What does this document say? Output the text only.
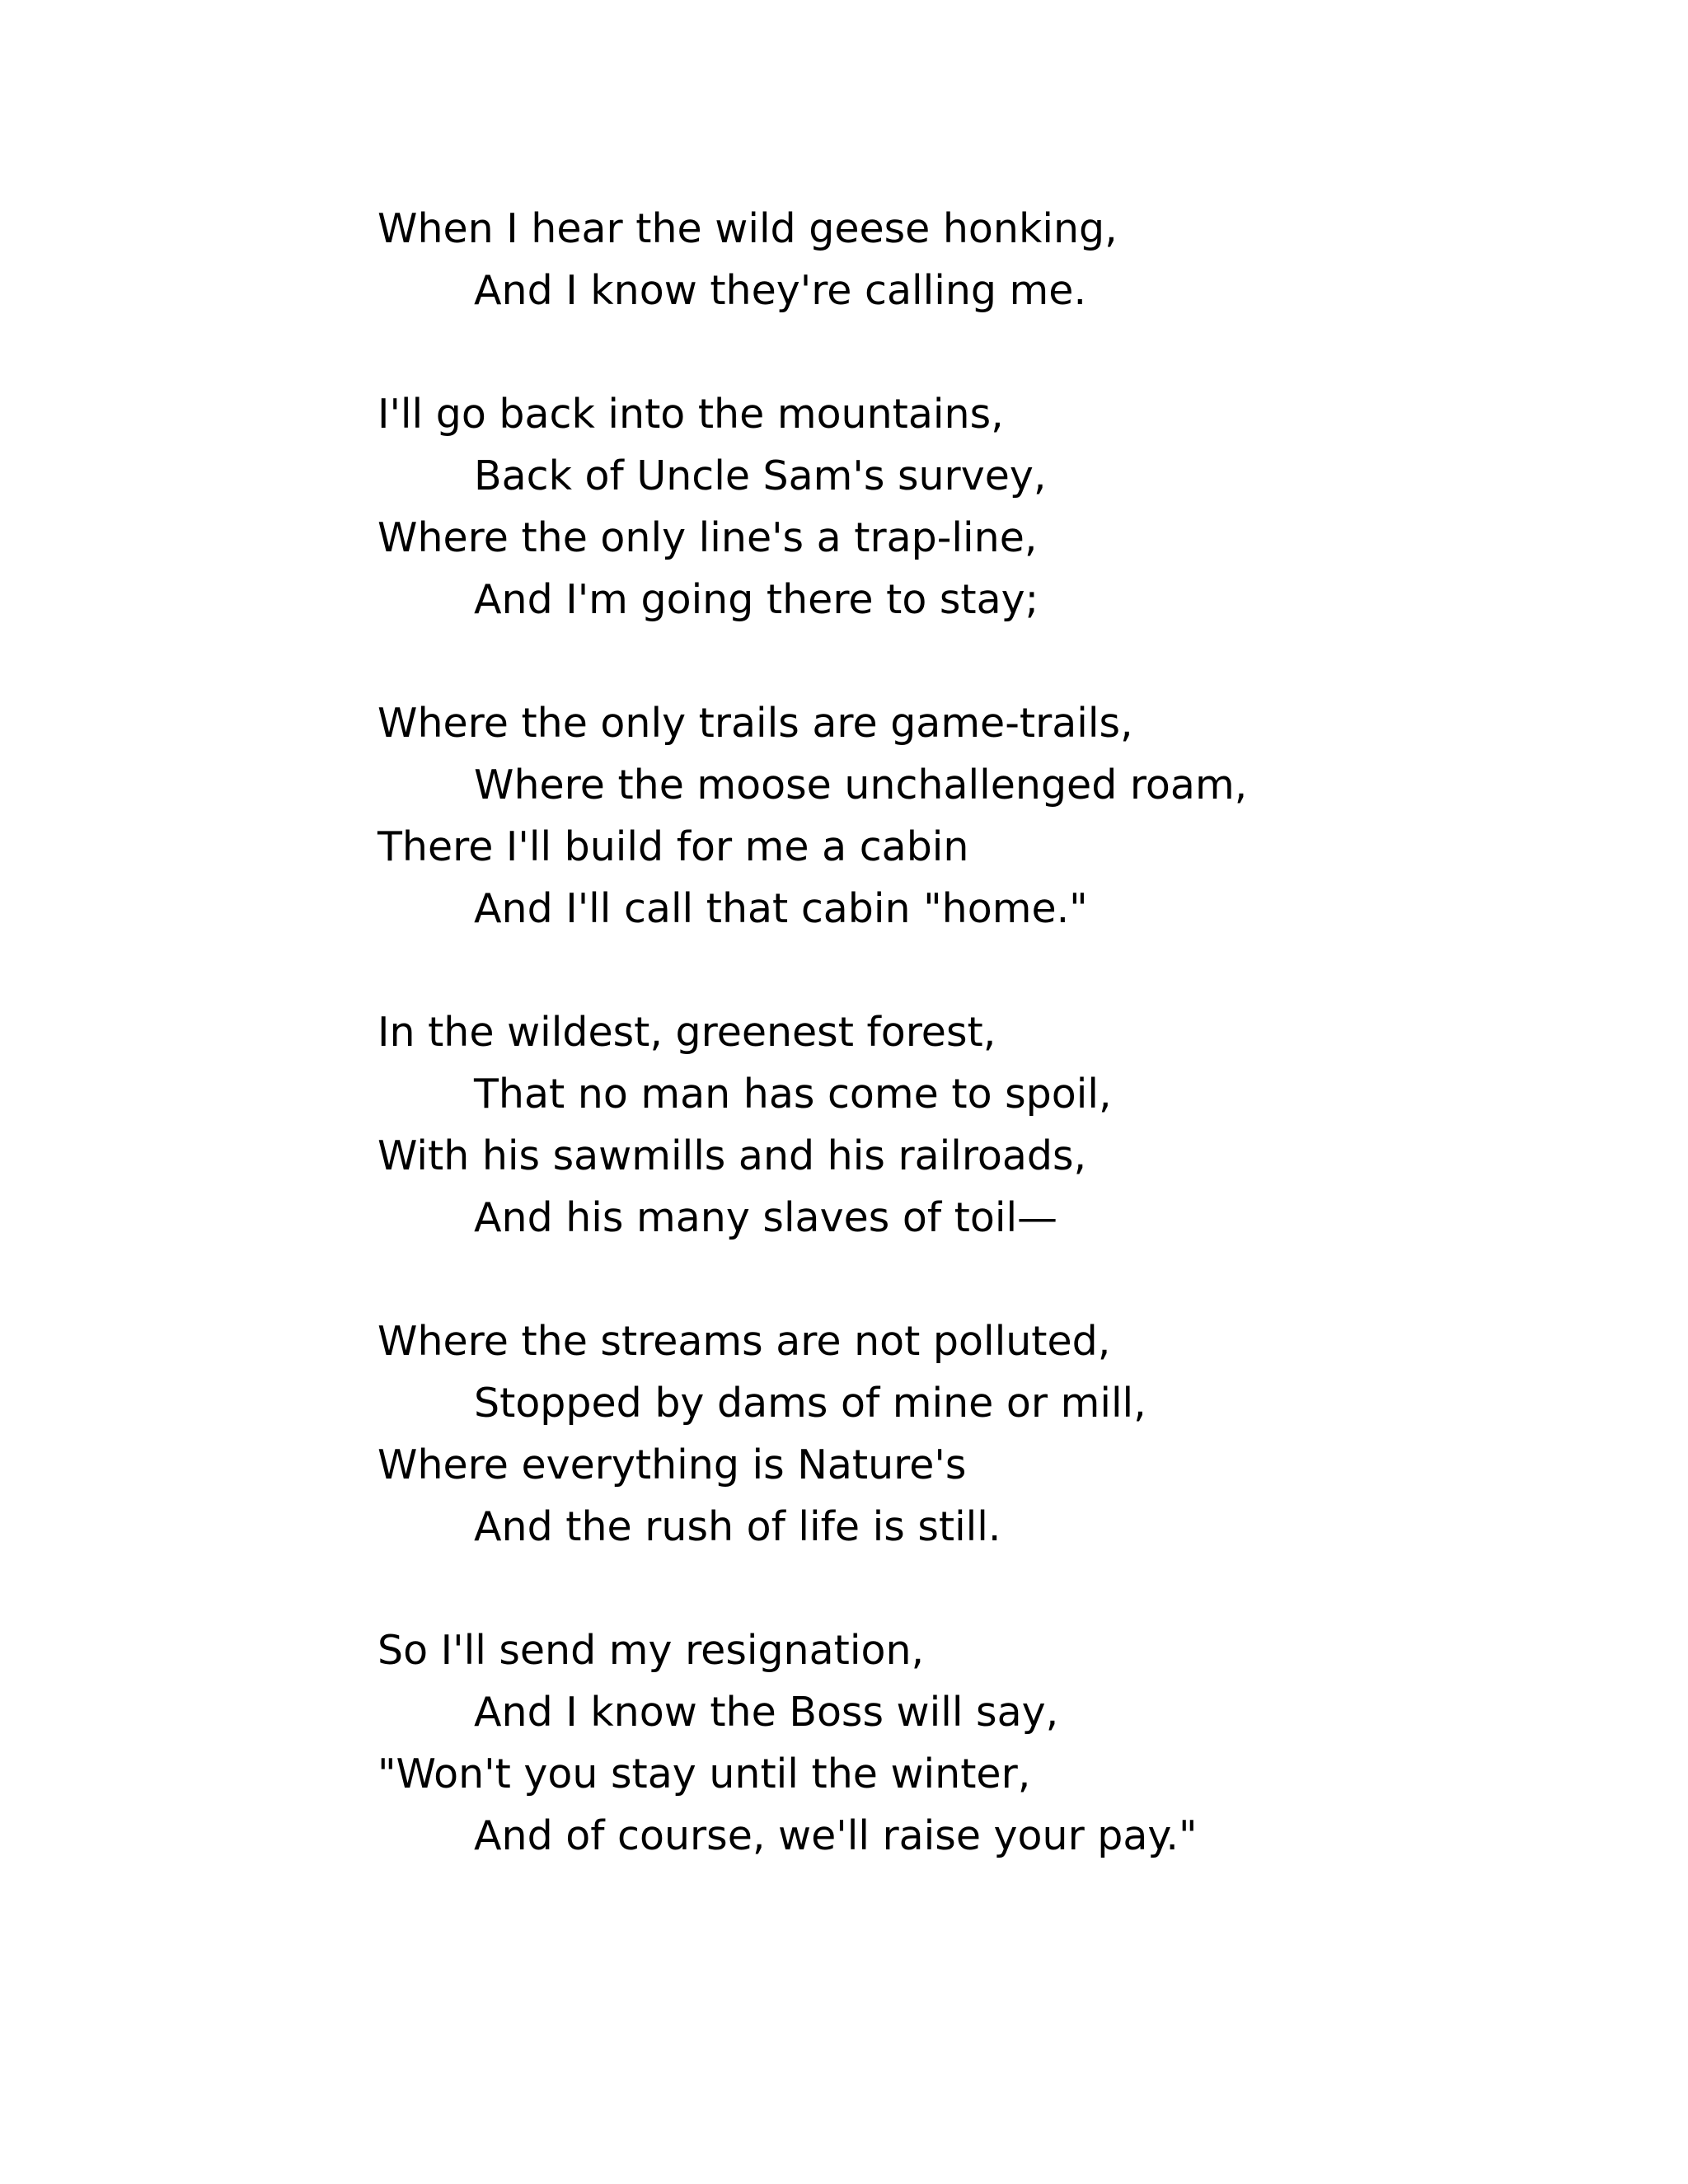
When I hear the wild geese honking,
And I know they're calling me.
I'll go back into the mountains,
Back of Uncle Sam's survey,
Where the only line's a trap-line,
And I'm going there to stay;
Where the only trails are game-trails,
Where the moose unchallenged roam,
There I'll build for me a cabin
And I'll call that cabin "home."
In the wildest, greenest forest,
That no man has come to spoil,
With his sawmills and his railroads,
And his many slaves of toil—
Where the streams are not polluted,
Stopped by dams of mine or mill,
Where everything is Nature's
And the rush of life is still.
So I'll send my resignation,
And I know the Boss will say,
"Won't you stay until the winter,
And of course, we'll raise your pay."
